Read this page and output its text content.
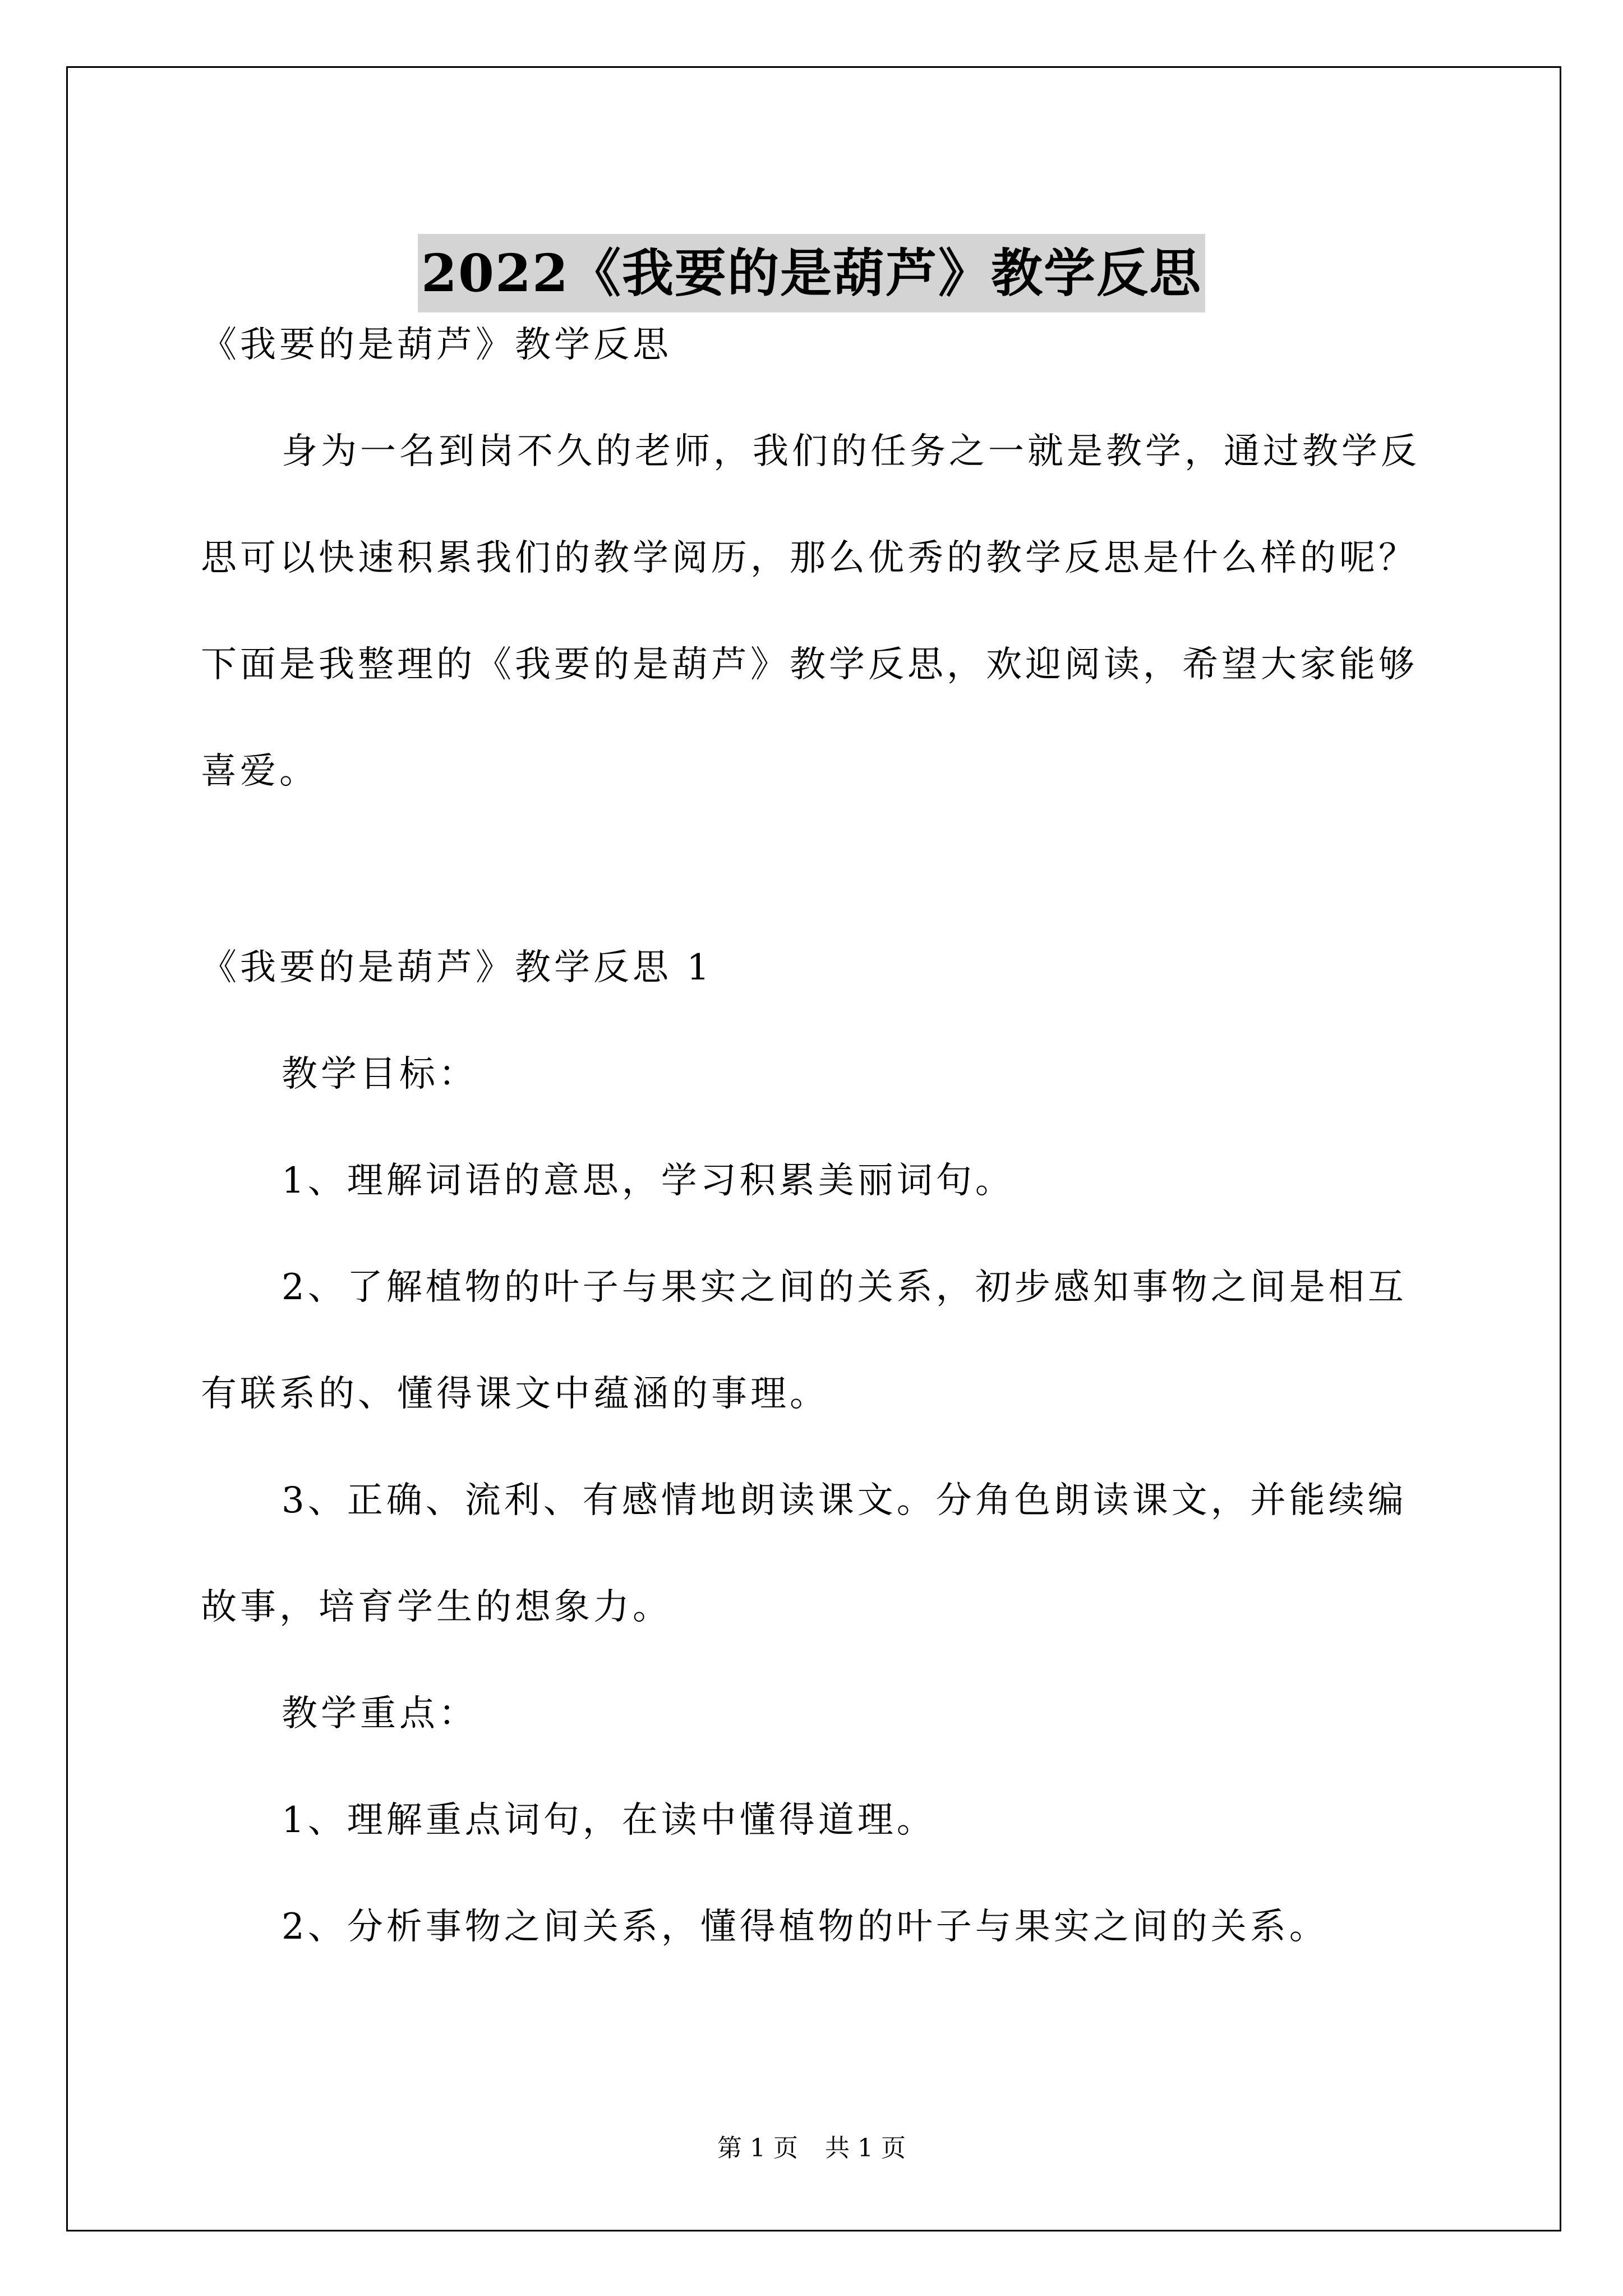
2022《我要的是葫芦》教学反思

《我要的是葫芦》教学反思

身为一名到岗不久的老师，我们的任务之一就是教学，通过教学反思可以快速积累我们的教学阅历，那么优秀的教学反思是什么样的呢？下面是我整理的《我要的是葫芦》教学反思，欢迎阅读，希望大家能够喜爱。

《我要的是葫芦》教学反思 1

教学目标：

1、理解词语的意思，学习积累美丽词句。

2、了解植物的叶子与果实之间的关系，初步感知事物之间是相互有联系的、懂得课文中蕴涵的事理。

3、正确、流利、有感情地朗读课文。分角色朗读课文，并能续编故事，培育学生的想象力。

教学重点：

1、理解重点词句，在读中懂得道理。

2、分析事物之间关系，懂得植物的叶子与果实之间的关系。

第 1 页 共 1 页
